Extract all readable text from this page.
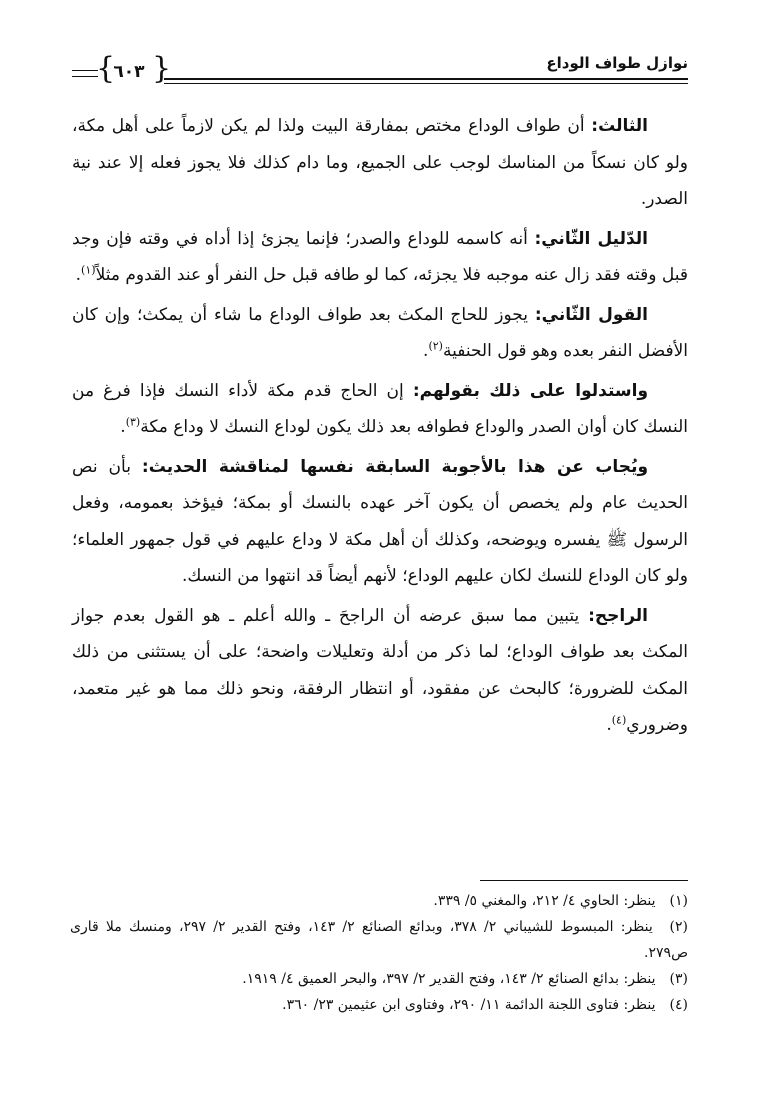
نوازل طواف الوداع
{
٦٠٣ }

الثالث: أن طواف الوداع مختص بمفارقة البيت ولذا لم يكن لازماً على أهل مكة، ولو كان نسكاً من المناسك لوجب على الجميع، وما دام كذلك فلا يجوز فعله إلا عند نية الصدر.

الدّليل الثّاني: أنه كاسمه للوداع والصدر؛ فإنما يجزئ إذا أداه في وقته فإن وجد قبل وقته فقد زال عنه موجبه فلا يجزئه، كما لو طافه قبل حل النفر أو عند القدوم مثلاً$^{(١)}$.

القول الثّاني: يجوز للحاج المكث بعد طواف الوداع ما شاء أن يمكث؛ وإن كان الأفضل النفر بعده وهو قول الحنفية$^{(٢)}$.

واستدلوا على ذلك بقولهم: إن الحاج قدم مكة لأداء النسك فإذا فرغ من النسك كان أوان الصدر والوداع فطوافه بعد ذلك يكون لوداع النسك لا وداع مكة$^{(٣)}$.

ويُجاب عن هذا بالأجوبة السابقة نفسها لمناقشة الحديث: بأن نص الحديث عام ولم يخصص أن يكون آخر عهده بالنسك أو بمكة؛ فيؤخذ بعمومه، وفعل الرسول ﷺ يفسره ويوضحه، وكذلك أن أهل مكة لا وداع عليهم في قول جمهور العلماء؛ ولو كان الوداع للنسك لكان عليهم الوداع؛ لأنهم أيضاً قد انتهوا من النسك.

الراجح: يتبين مما سبق عرضه أن الراجحَ ـ والله أعلم ـ هو القول بعدم جواز المكث بعد طواف الوداع؛ لما ذكر من أدلة وتعليلات واضحة؛ على أن يستثنى من ذلك المكث للضرورة؛ كالبحث عن مفقود، أو انتظار الرفقة، ونحو ذلك مما هو غير متعمد، وضروري$^{(٤)}$.

(١) ينظر: الحاوي ٤/ ٢١٢، والمغني ٥/ ٣٣٩.

(٢) ينظر: المبسوط للشيباني ٢/ ٣٧٨، وبدائع الصنائع ٢/ ١٤٣، وفتح القدير ٢/ ٢٩٧، ومنسك ملا قارى ص٢٧٩.

(٣) ينظر: بدائع الصنائع ٢/ ١٤٣، وفتح القدير ٢/ ٣٩٧، والبحر العميق ٤/ ١٩١٩.

(٤) ينظر: فتاوى اللجنة الدائمة ١١/ ٢٩٠، وفتاوى ابن عثيمين ٢٣/ ٣٦٠.
